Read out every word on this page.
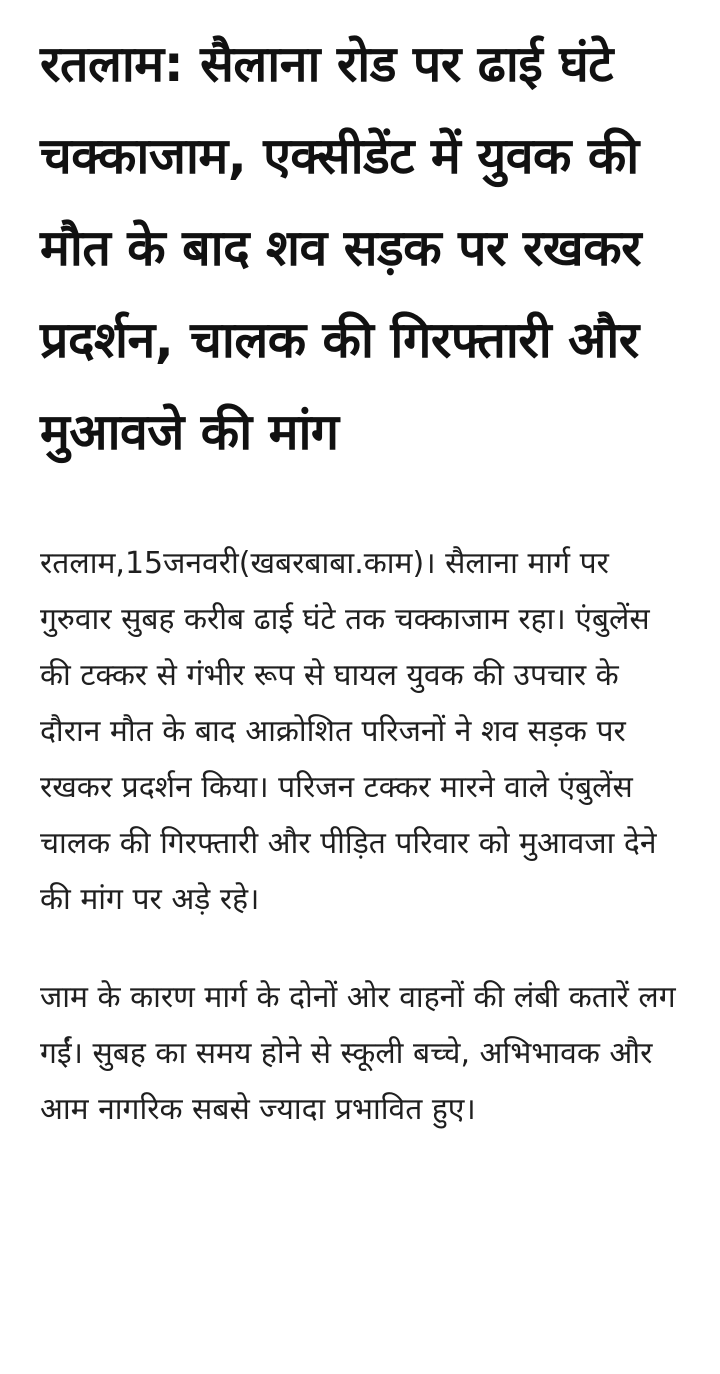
रतलाम: सैलाना रोड पर ढाई घंटे चक्काजाम, एक्सीडेंट में युवक की मौत के बाद शव सड़क पर रखकर प्रदर्शन, चालक की गिरफ्तारी और मुआवजे की मांग

रतलाम,15जनवरी(खबरबाबा.काम)। सैलाना मार्ग पर गुरुवार सुबह करीब ढाई घंटे तक चक्काजाम रहा। एंबुलेंस की टक्कर से गंभीर रूप से घायल युवक की उपचार के दौरान मौत के बाद आक्रोशित परिजनों ने शव सड़क पर रखकर प्रदर्शन किया। परिजन टक्कर मारने वाले एंबुलेंस चालक की गिरफ्तारी और पीड़ित परिवार को मुआवजा देने की मांग पर अड़े रहे।

जाम के कारण मार्ग के दोनों ओर वाहनों की लंबी कतारें लग गईं। सुबह का समय होने से स्कूली बच्चे, अभिभावक और आम नागरिक सबसे ज्यादा प्रभावित हुए।
